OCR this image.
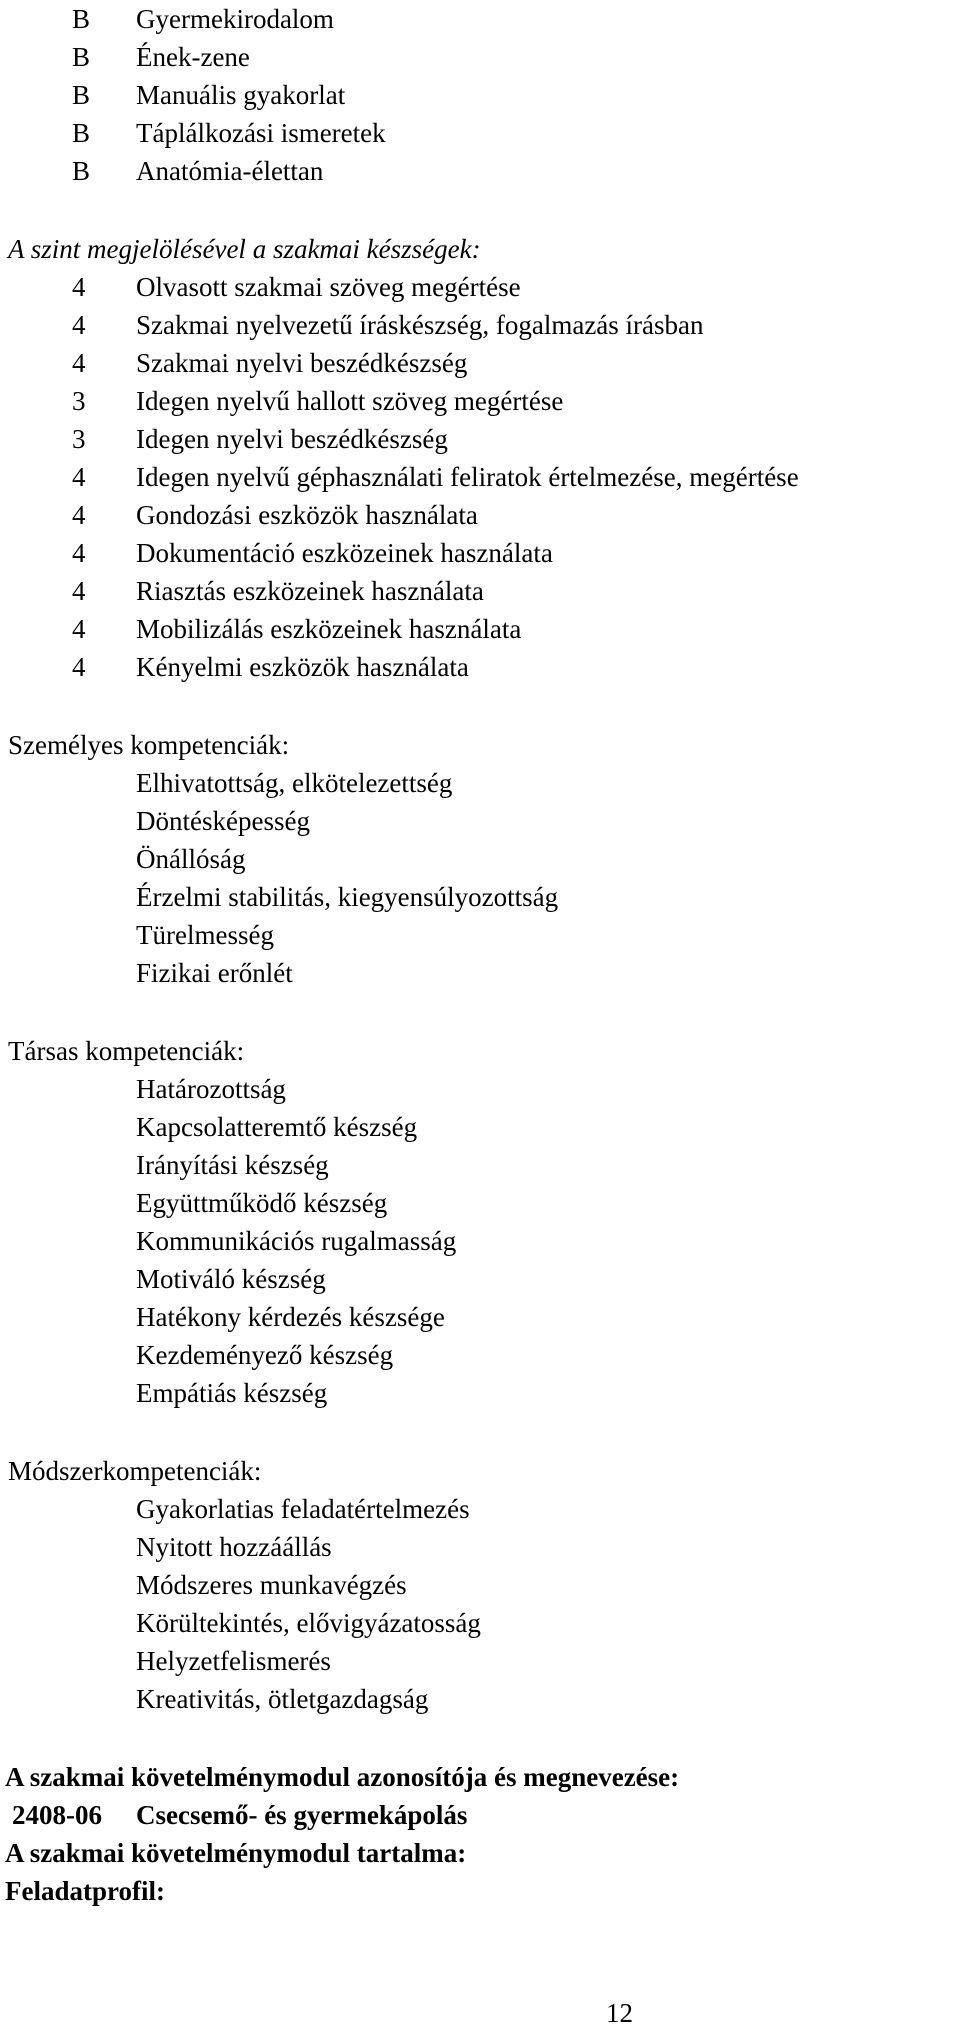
B Gyermekirodalom
B Ének-zene
B Manuális gyakorlat
B Táplálkozási ismeretek
B Anatómia-élettan
A szint megjelölésével a szakmai készségek:
4 Olvasott szakmai szöveg megértése
4 Szakmai nyelvezetű íráskészség, fogalmazás írásban
4 Szakmai nyelvi beszédkészség
3 Idegen nyelvű hallott szöveg megértése
3 Idegen nyelvi beszédkészség
4 Idegen nyelvű géphasználati feliratok értelmezése, megértése
4 Gondozási eszközök használata
4 Dokumentáció eszközeinek használata
4 Riasztás eszközeinek használata
4 Mobilizálás eszközeinek használata
4 Kényelmi eszközök használata
Személyes kompetenciák:
Elhivatottság, elkötelezettség
Döntésképesség
Önállóság
Érzelmi stabilitás, kiegyensúlyozottság
Türelmesség
Fizikai erőnlét
Társas kompetenciák:
Határozottság
Kapcsolatteremtő készség
Irányítási készség
Együttműködő készség
Kommunikációs rugalmasság
Motiváló készség
Hatékony kérdezés készsége
Kezdeményező készség
Empátiás készség
Módszerkompetenciák:
Gyakorlatias feladatértelmezés
Nyitott hozzáállás
Módszeres munkavégzés
Körültekintés, elővigyázatosság
Helyzetfelismerés
Kreativitás, ötletgazdagság
A szakmai követelménymodul azonosítója és megnevezése:
2408-06 Csecsemő- és gyermekápolás
A szakmai követelménymodul tartalma:
Feladatprofil:
12
